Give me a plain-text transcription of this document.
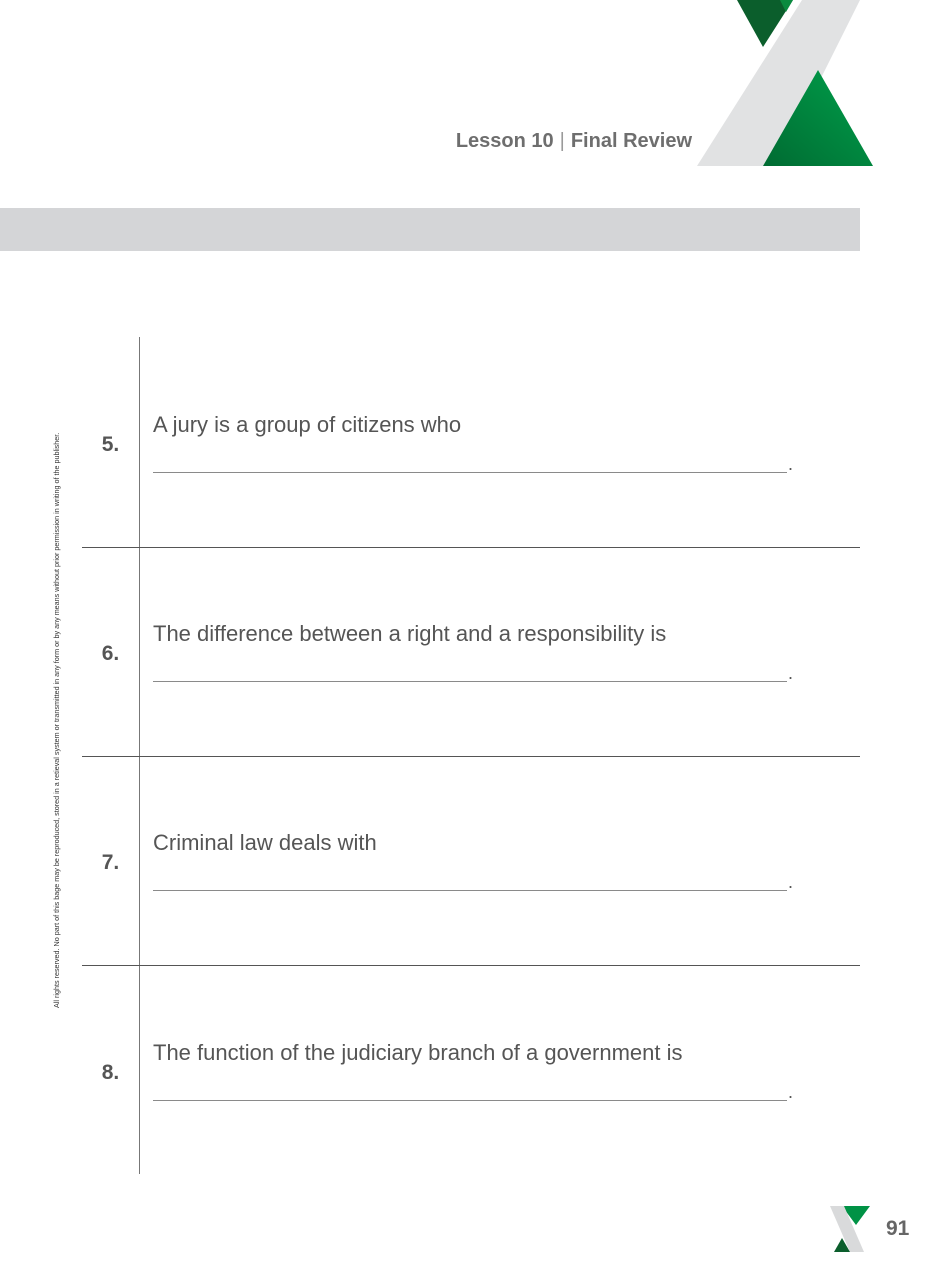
Lesson 10 | Final Review
All rights reserved. No part of this bage may be reproduced, stored in a retieval system or transmitted in any form or by any means without prior permission in writing of the publisher.	5.
A jury is a group of citizens who
.
6.
The difference between a right and a responsibility is
.
7.
Criminal law deals with
.
8.
The function of the judiciary branch of a government is
.
91
